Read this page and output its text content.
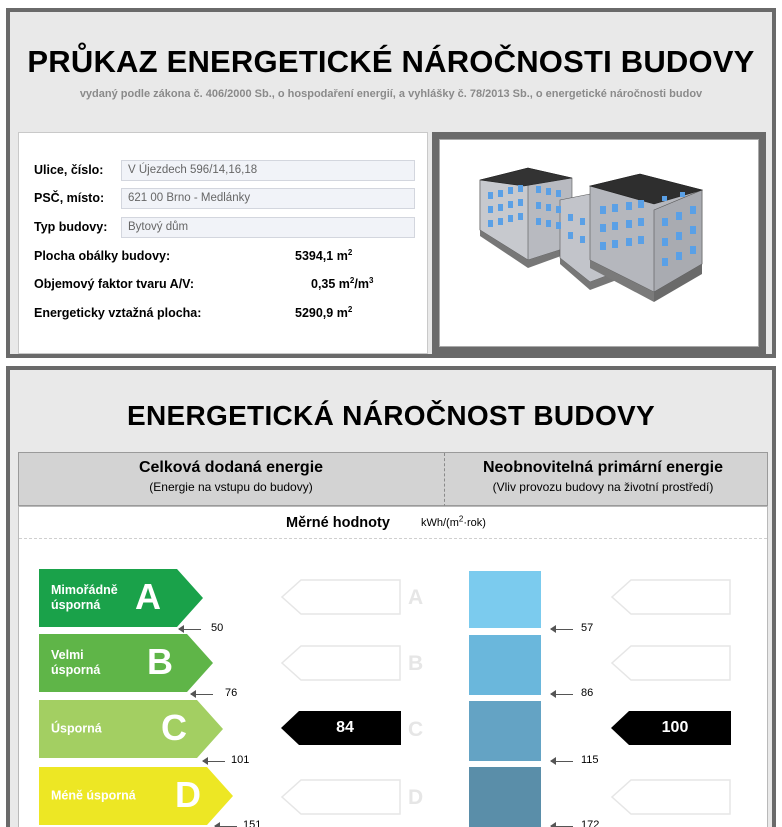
PRŮKAZ ENERGETICKÉ NÁROČNOSTI BUDOVY
vydaný podle zákona č. 406/2000 Sb., o hospodaření energií, a vyhlášky č. 78/2013 Sb., o energetické náročnosti budov
Ulice, číslo:	V Újezdech 596/14,16,18
PSČ, místo:	621 00 Brno - Medlánky
Typ budovy:	Bytový dům
Plocha obálky budovy:	5394,1 $m^2$
Objemový faktor tvaru A/V:	0,35 $m^2/m^3$
Energeticky vztažná plocha:	5290,9 $m^2$
ENERGETICKÁ NÁROČNOST BUDOVY
Celková dodaná energie
(Energie na vstupu do budovy)
Neobnovitelná primární energie
(Vliv provozu budovy na životní prostředí)
Měrné hodnoty	kWh/$(m^2\cdot rok)$
Mimořádně
úsporná A
Velmi
úsporná B
Úsporná C
Méně úsporná D
50
76
101
151
A
B
84	C
D
57
86
115
172
100
